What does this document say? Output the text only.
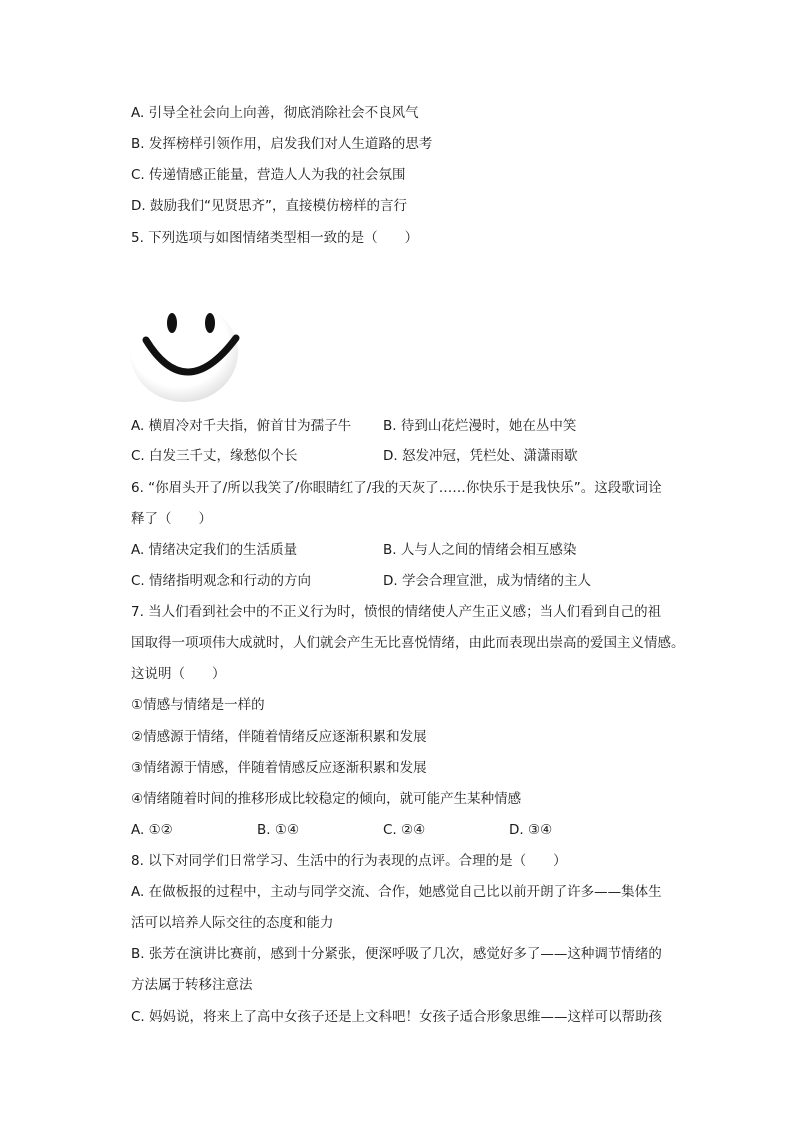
A. 引导全社会向上向善，彻底消除社会不良风气
B. 发挥榜样引领作用，启发我们对人生道路的思考
C. 传递情感正能量，营造人人为我的社会氛围
D. 鼓励我们“见贤思齐”，直接模仿榜样的言行
5. 下列选项与如图情绪类型相一致的是（　　）
A. 横眉冷对千夫指，俯首甘为孺子牛 B. 待到山花烂漫时，她在丛中笑
C. 白发三千丈，缘愁似个长	D. 怒发冲冠，凭栏处、潇潇雨歇
6. “你眉头开了/所以我笑了/你眼睛红了/我的天灰了……你快乐于是我快乐”。这段歌词诠
释了（　　）
A. 情绪决定我们的生活质量	B. 人与人之间的情绪会相互感染
C. 情绪指明观念和行动的方向	D. 学会合理宣泄，成为情绪的主人
7. 当人们看到社会中的不正义行为时，愤恨的情绪使人产生正义感；当人们看到自己的祖
国取得一项项伟大成就时，人们就会产生无比喜悦情绪，由此而表现出崇高的爱国主义情感。
这说明（　　）
①情感与情绪是一样的
②情感源于情绪，伴随着情绪反应逐渐积累和发展
③情绪源于情感，伴随着情感反应逐渐积累和发展
④情绪随着时间的推移形成比较稳定的倾向，就可能产生某种情感
A. ①②	B. ①④	C. ②④	D. ③④
8. 以下对同学们日常学习、生活中的行为表现的点评。合理的是（　　）
A. 在做板报的过程中，主动与同学交流、合作，她感觉自己比以前开朗了许多——集体生
活可以培养人际交往的态度和能力
B. 张芳在演讲比赛前，感到十分紧张，便深呼吸了几次，感觉好多了——这种调节情绪的
方法属于转移注意法
C. 妈妈说，将来上了高中女孩子还是上文科吧！女孩子适合形象思维——这样可以帮助孩
